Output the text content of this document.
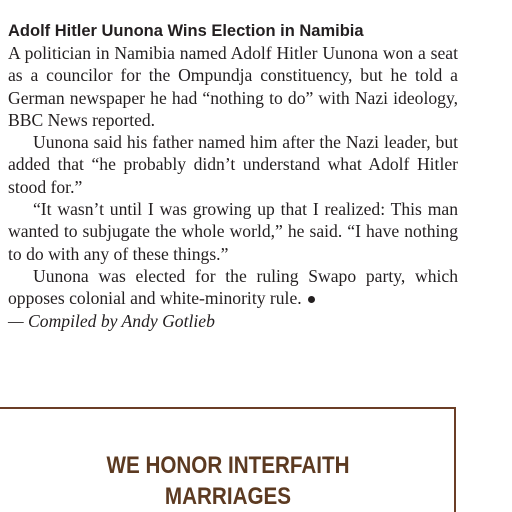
Adolf Hitler Uunona Wins Election in Namibia

A politician in Namibia named Adolf Hitler Uunona won a seat as a councilor for the Ompundja constituency, but he told a German newspaper he had “nothing to do” with Nazi ideology, BBC News reported.

Uunona said his father named him after the Nazi leader, but added that “he probably didn’t understand what Adolf Hitler stood for.”

“It wasn’t until I was growing up that I realized: This man wanted to subjugate the whole world,” he said. “I have nothing to do with any of these things.”

Uunona was elected for the ruling Swapo party, which opposes colonial and white-minority rule.

— Compiled by Andy Gotlieb

WE HONOR INTERFAITH
MARRIAGES
